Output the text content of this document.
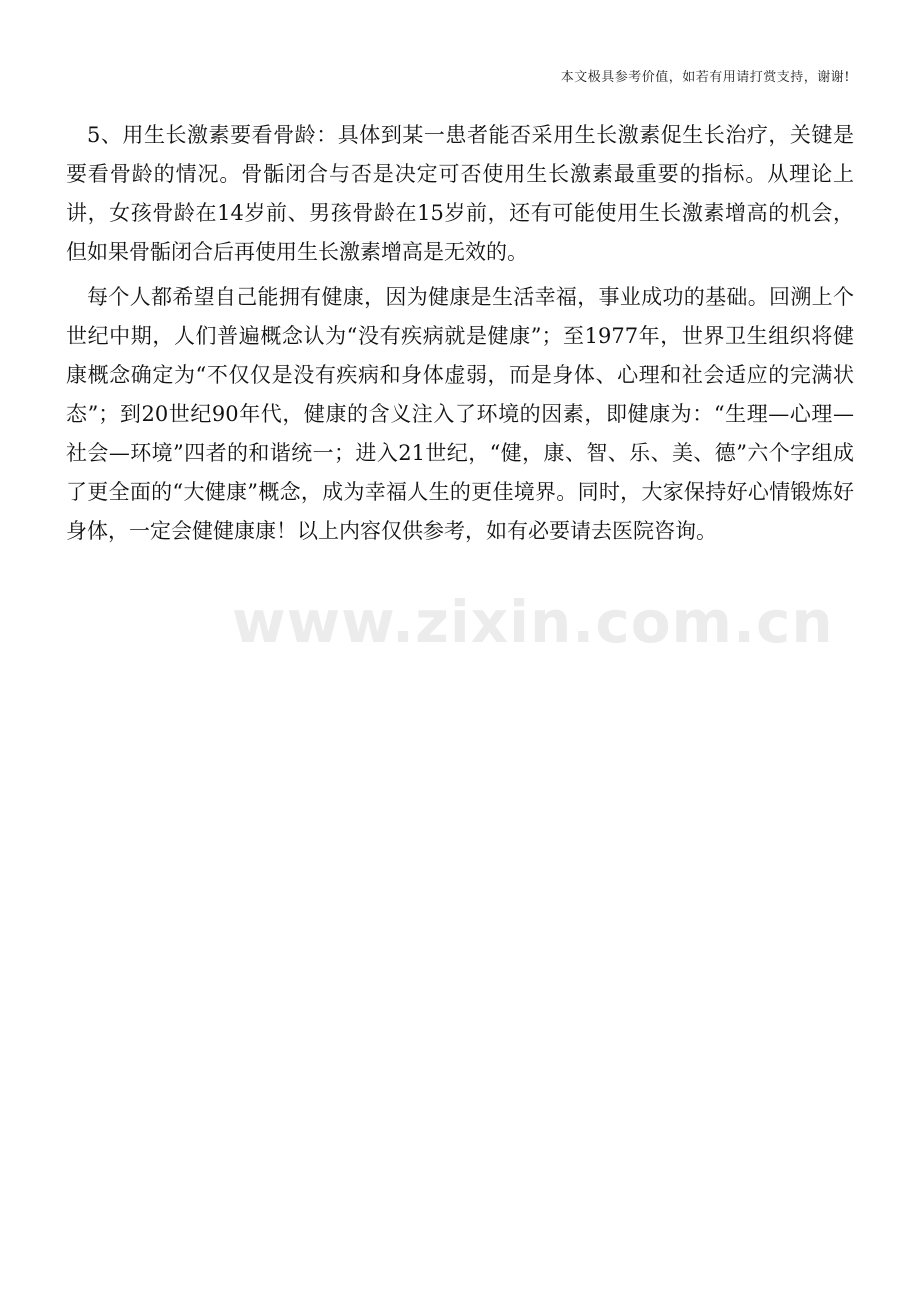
本文极具参考价值，如若有用请打赏支持，谢谢!

5、用生长激素要看骨龄：具体到某一患者能否采用生长激素促生长治疗，关键是要看骨龄的情况。骨骺闭合与否是决定可否使用生长激素最重要的指标。从理论上讲，女孩骨龄在14岁前、男孩骨龄在15岁前，还有可能使用生长激素增高的机会，但如果骨骺闭合后再使用生长激素增高是无效的。

每个人都希望自己能拥有健康，因为健康是生活幸福，事业成功的基础。回溯上个世纪中期，人们普遍概念认为“没有疾病就是健康”；至1977年，世界卫生组织将健康概念确定为“不仅仅是没有疾病和身体虚弱，而是身体、心理和社会适应的完满状态”；到20世纪90年代，健康的含义注入了环境的因素，即健康为：“生理—心理—社会—环境”四者的和谐统一；进入21世纪，“健，康、智、乐、美、德”六个字组成了更全面的“大健康”概念，成为幸福人生的更佳境界。同时，大家保持好心情锻炼好身体，一定会健健康康！以上内容仅供参考，如有必要请去医院咨询。

www.zixin.com.cn
